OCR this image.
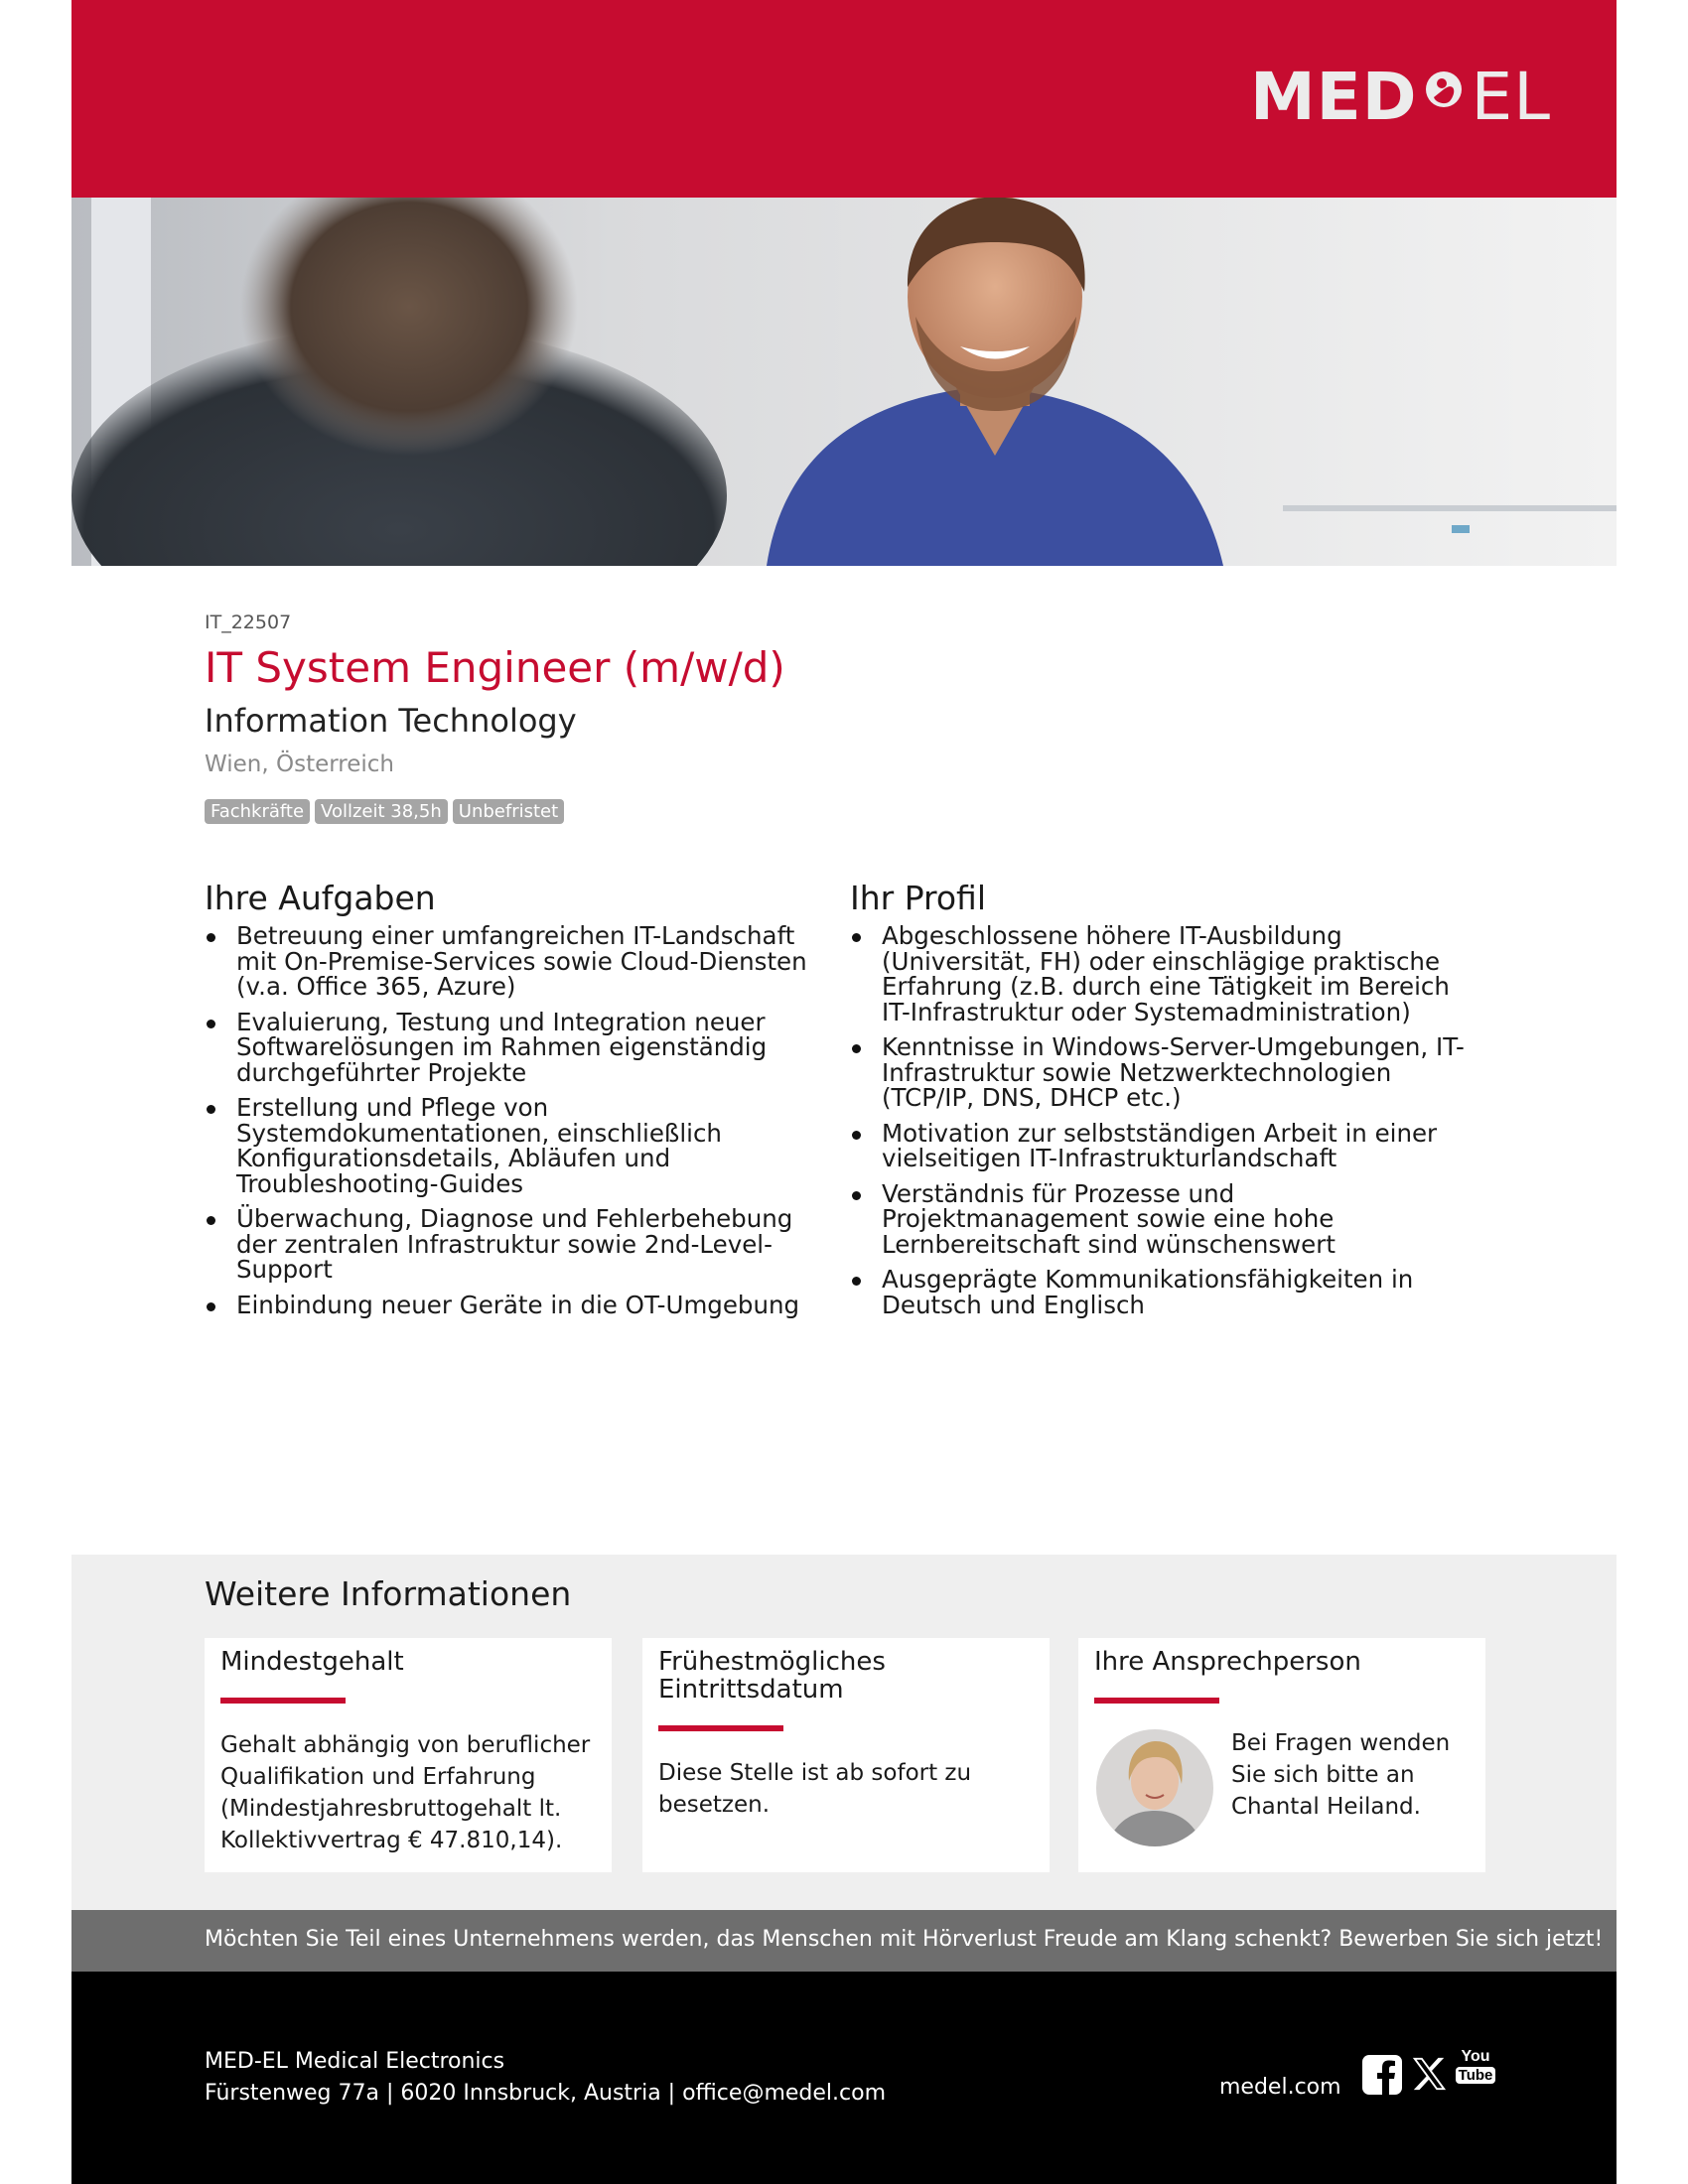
MED EL
IT_22507
IT System Engineer (m/w/d)
Information Technology
Wien, Österreich
Fachkräfte Vollzeit 38,5h Unbefristet
Ihre Aufgaben
Betreuung einer umfangreichen IT-Landschaft mit On-Premise-Services sowie Cloud-Diensten (v.a. Office 365, Azure)
Evaluierung, Testung und Integration neuer Softwarelösungen im Rahmen eigenständig durchgeführter Projekte
Erstellung und Pflege von Systemdokumentationen, einschließlich Konfigurationsdetails, Abläufen und Troubleshooting-Guides
Überwachung, Diagnose und Fehlerbehebung der zentralen Infrastruktur sowie 2nd-Level-Support
Einbindung neuer Geräte in die OT-Umgebung
Ihr Profil
Abgeschlossene höhere IT-Ausbildung (Universität, FH) oder einschlägige praktische Erfahrung (z.B. durch eine Tätigkeit im Bereich IT-Infrastruktur oder Systemadministration)
Kenntnisse in Windows-Server-Umgebungen, IT-Infrastruktur sowie Netzwerktechnologien (TCP/IP, DNS, DHCP etc.)
Motivation zur selbstständigen Arbeit in einer vielseitigen IT-Infrastrukturlandschaft
Verständnis für Prozesse und Projektmanagement sowie eine hohe Lernbereitschaft sind wünschenswert
Ausgeprägte Kommunikationsfähigkeiten in Deutsch und Englisch
Weitere Informationen
Mindestgehalt

Gehalt abhängig von beruflicher Qualifikation und Erfahrung (Mindestjahresbruttogehalt lt. Kollektivvertrag € 47.810,14).

Frühestmögliches Eintrittsdatum

Diese Stelle ist ab sofort zu besetzen.

Ihre Ansprechperson

Bei Fragen wenden Sie sich bitte an Chantal Heiland.

Möchten Sie Teil eines Unternehmens werden, das Menschen mit Hörverlust Freude am Klang schenkt? Bewerben Sie sich jetzt!
MED-EL Medical Electronics
Fürstenweg 77a | 6020 Innsbruck, Austria | office@medel.com	medel.com
You
Tube
